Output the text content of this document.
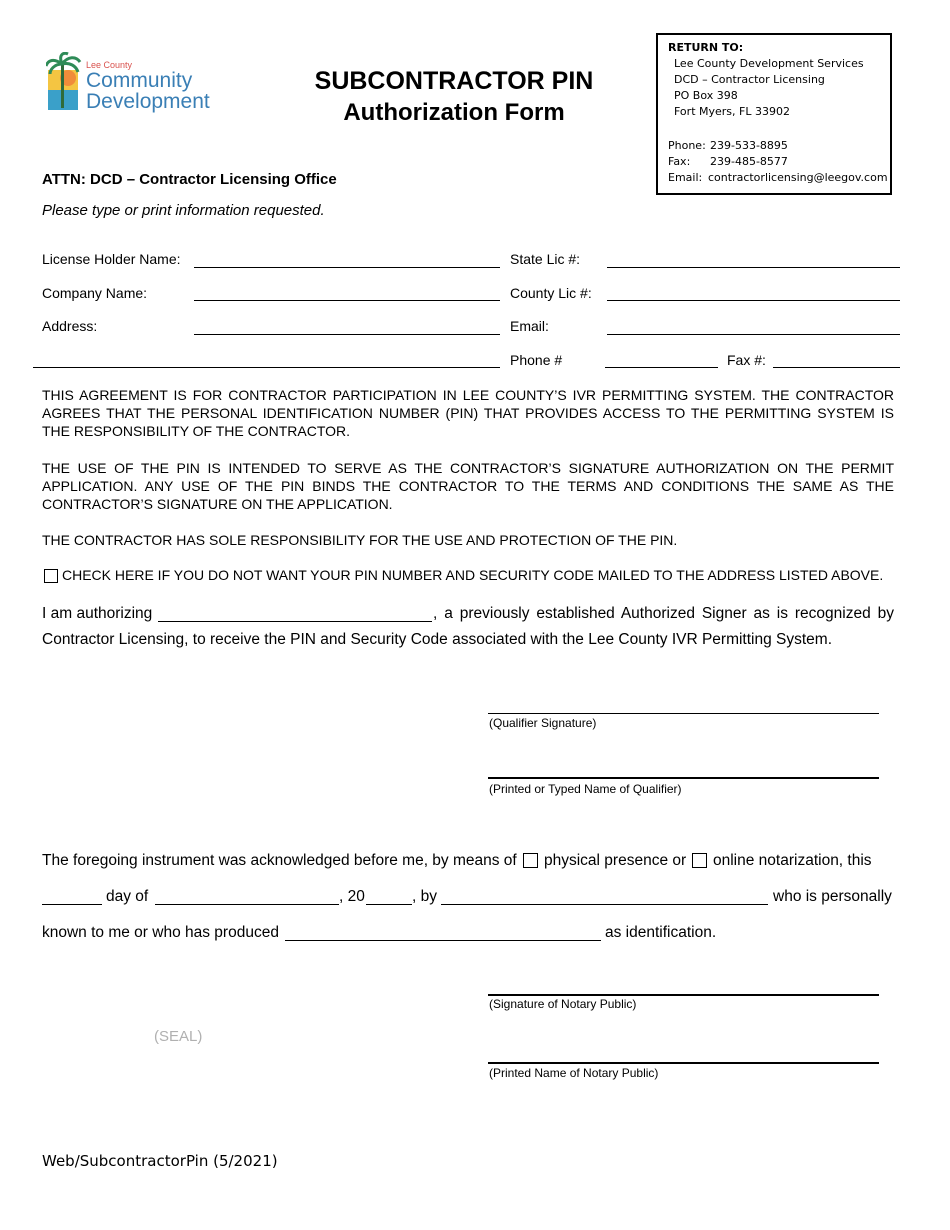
Lee County
Community
Development
SUBCONTRACTOR PIN
Authorization Form
RETURN TO:
Lee County Development Services
DCD – Contractor Licensing
PO Box 398
Fort Myers, FL 33902
Phone: 239-533-8895
Fax: 239-485-8577
Email: contractorlicensing@leegov.com
ATTN: DCD – Contractor Licensing Office
Please type or print information requested.
License Holder Name:	State Lic #:
Company Name:	County Lic #:
Address:	Email:
Phone #	Fax #:
THIS AGREEMENT IS FOR CONTRACTOR PARTICIPATION IN LEE COUNTY’S IVR PERMITTING SYSTEM. THE CONTRACTOR AGREES THAT THE PERSONAL IDENTIFICATION NUMBER (PIN) THAT PROVIDES ACCESS TO THE PERMITTING SYSTEM IS THE RESPONSIBILITY OF THE CONTRACTOR.
THE USE OF THE PIN IS INTENDED TO SERVE AS THE CONTRACTOR’S SIGNATURE AUTHORIZATION ON THE PERMIT APPLICATION. ANY USE OF THE PIN BINDS THE CONTRACTOR TO THE TERMS AND CONDITIONS THE SAME AS THE CONTRACTOR’S SIGNATURE ON THE APPLICATION.
THE CONTRACTOR HAS SOLE RESPONSIBILITY FOR THE USE AND PROTECTION OF THE PIN.
CHECK HERE IF YOU DO NOT WANT YOUR PIN NUMBER AND SECURITY CODE MAILED TO THE ADDRESS LISTED ABOVE.
I am authorizing	, a previously established Authorized Signer as is recognized by
Contractor Licensing, to receive the PIN and Security Code associated with the Lee County IVR Permitting System.
(Qualifier Signature)
(Printed or Typed Name of Qualifier)
The foregoing instrument was acknowledged before me, by means of physical presence or online notarization, this
day of	, 20	, by	who is personally
known to me or who has produced	as identification.
(Signature of Notary Public)
(SEAL)
(Printed Name of Notary Public)
Web/SubcontractorPin (5/2021)
